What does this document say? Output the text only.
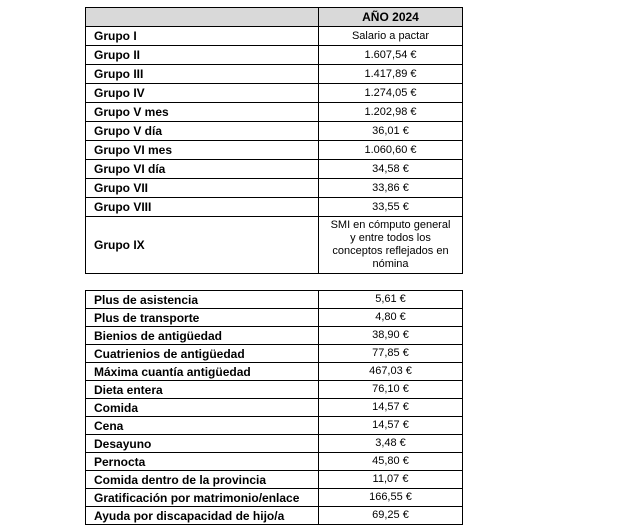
	AÑO 2024
Grupo I	Salario a pactar
Grupo II	1.607,54 €
Grupo III	1.417,89 €
Grupo IV	1.274,05 €
Grupo V mes	1.202,98 €
Grupo V día	36,01 €
Grupo VI mes	1.060,60 €
Grupo VI día	34,58 €
Grupo VII	33,86 €
Grupo VIII	33,55 €
Grupo IX	SMI en cómputo general y entre todos los conceptos reflejados en nómina
Plus de asistencia	5,61 €
Plus de transporte	4,80 €
Bienios de antigüedad	38,90 €
Cuatrienios de antigüedad	77,85 €
Máxima cuantía antigüedad	467,03 €
Dieta entera	76,10 €
Comida	14,57 €
Cena	14,57 €
Desayuno	3,48 €
Pernocta	45,80 €
Comida dentro de la provincia	11,07 €
Gratificación por matrimonio/enlace	166,55 €
Ayuda por discapacidad de hijo/a	69,25 €
